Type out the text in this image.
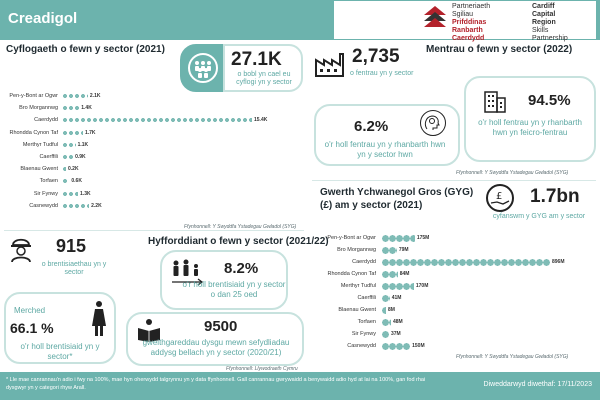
Creadigol
Partneriaeth
Sgiliau
Prifddinas
Ranbarth
Caerdydd
Cardiff
Capital
Region
Skills
Partnership
Cyflogaeth o fewn y sector (2021)	27.1K
o bobl yn cael eu cyflogi yn y sector
Pen-y-Bont ar Ogwr	2.1K
Bro Morgannwg	1.4K
Caerdydd	15.4K
Rhondda Cynon Taf	1.7K
Merthyr Tudful	1.1K
Caerffili	0.9K
Blaenau Gwent 0.2K
Torfaen	0.6K
Sir Fynwy	1.3K
Casnewydd	2.2K
Ffynhonnell: Y Swyddfa Ystadegau Gwladol (SYG)
2,735
o fentrau yn y sector
Mentrau o fewn y sector (2022)
6.2%
o'r holl fentrau yn y rhanbarth hwn yn y sector hwn
94.5%
o'r holl fentrau yn y rhanbarth hwn yn feicro-fentrau
Ffynhonnell: Y Swyddfa Ystadegau Gwladol (SYG)
Gwerth Ychwanegol Gros (GYG) (£) am y sector (2021)
£ 1.7bn
cyfanswm y GYG am y sector
Pen-y-Bont ar Ogwr	175M
Bro Morgannwg	79M
Caerdydd	896M
Rhondda Cynon Taf	84M
Merthyr Tudful	170M
Caerffili	41M
Blaenau Gwent 8M
Torfaen	48M
Sir Fynwy	37M
Casnewydd	150M
Ffynhonnell: Y Swyddfa Ystadegau Gwladol (SYG)
915
o brentisiaethau yn y sector
Hyfforddiant o fewn y sector (2021/22)
8.2%
o'r holl brentisiaid yn y sector o dan 25 oed
Merched
66.1 %
o'r holl brentisiaid yn y sector*
9500
gweithgareddau dysgu mewn sefydliadau addysg bellach yn y sector (2020/21)
Ffynhonnell: Llywodraeth Cymru
* Lle mae canrannau'n adio i fwy na 100%, mae hyn oherwydd talgrynnu yn y data ffynhonnell. Gall canrannau gwrywaidd a benywaidd adio hyd at lai na 100%, gan fod rhai dysgwyr yn y categori rhyw Arall.	Diweddarwyd diwethaf: 17/11/2023
